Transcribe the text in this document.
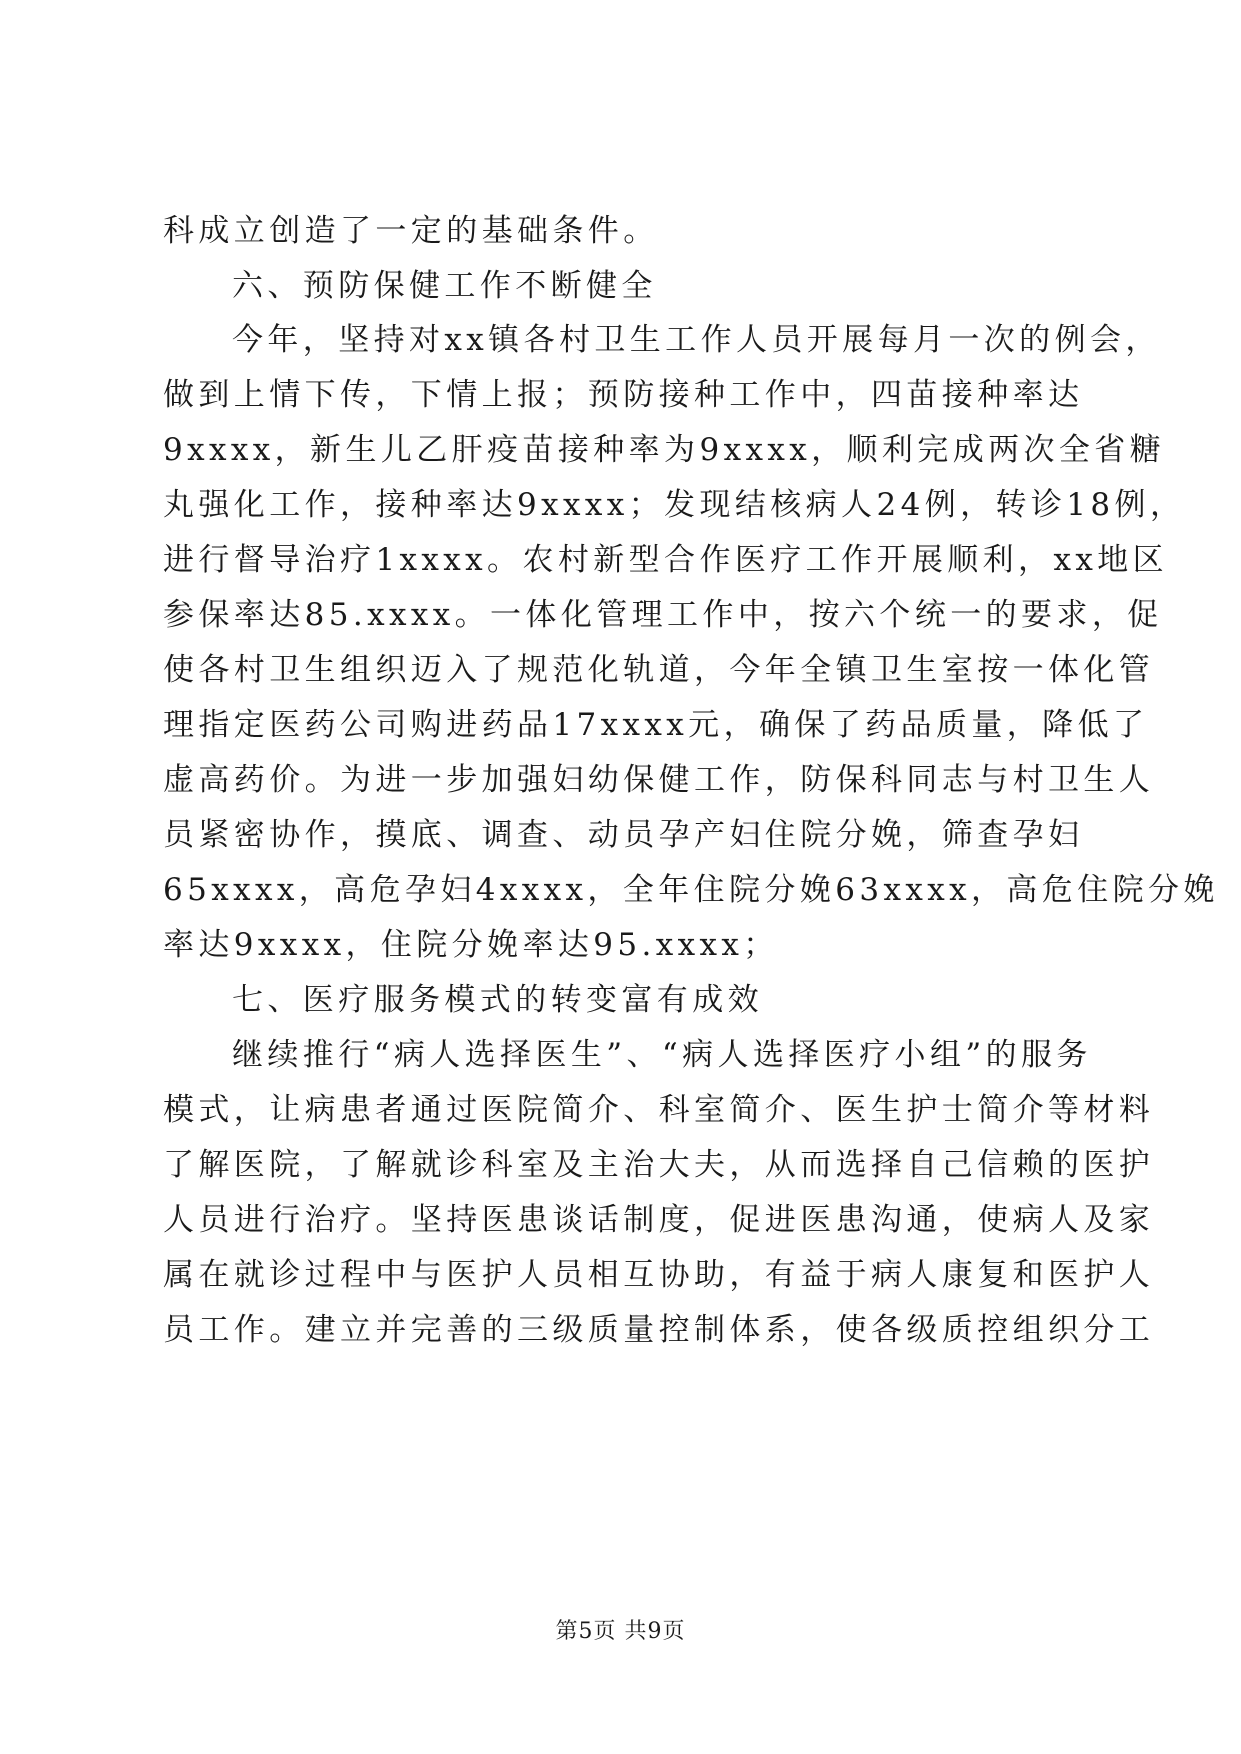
科成立创造了一定的基础条件。
六、预防保健工作不断健全
今年，坚持对xx镇各村卫生工作人员开展每月一次的例会，
做到上情下传，下情上报；预防接种工作中，四苗接种率达
9xxxx，新生儿乙肝疫苗接种率为9xxxx，顺利完成两次全省糖
丸强化工作，接种率达9xxxx；发现结核病人24例，转诊18例，
进行督导治疗1xxxx。农村新型合作医疗工作开展顺利，xx地区
参保率达85.xxxx。一体化管理工作中，按六个统一的要求，促
使各村卫生组织迈入了规范化轨道，今年全镇卫生室按一体化管
理指定医药公司购进药品17xxxx元，确保了药品质量，降低了
虚高药价。为进一步加强妇幼保健工作，防保科同志与村卫生人
员紧密协作，摸底、调查、动员孕产妇住院分娩，筛查孕妇
65xxxx，高危孕妇4xxxx，全年住院分娩63xxxx，高危住院分娩
率达9xxxx，住院分娩率达95.xxxx；
七、医疗服务模式的转变富有成效
继续推行“病人选择医生”、“病人选择医疗小组”的服务
模式，让病患者通过医院简介、科室简介、医生护士简介等材料
了解医院，了解就诊科室及主治大夫，从而选择自己信赖的医护
人员进行治疗。坚持医患谈话制度，促进医患沟通，使病人及家
属在就诊过程中与医护人员相互协助，有益于病人康复和医护人
员工作。建立并完善的三级质量控制体系，使各级质控组织分工
第5页 共9页
